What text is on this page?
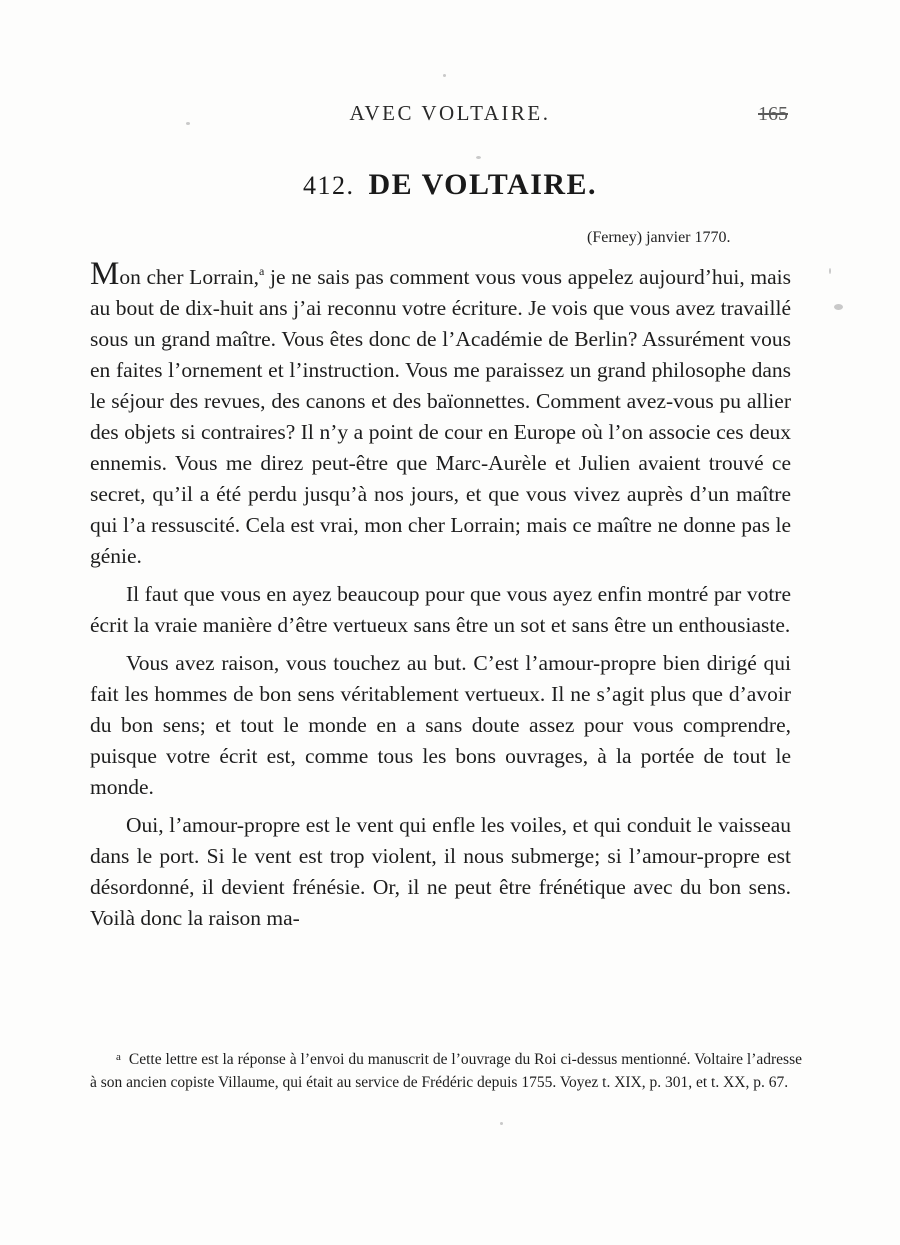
AVEC VOLTAIRE.	165
412. DE VOLTAIRE.
(Ferney) janvier 1770.

Mon cher Lorrain,$^a$ je ne sais pas comment vous vous appelez aujourd’hui, mais au bout de dix-huit ans j’ai reconnu votre écriture. Je vois que vous avez travaillé sous un grand maître. Vous êtes donc de l’Académie de Berlin? Assurément vous en faites l’ornement et l’instruction. Vous me paraissez un grand philosophe dans le séjour des revues, des canons et des baïonnettes. Comment avez-vous pu allier des objets si contraires? Il n’y a point de cour en Europe où l’on associe ces deux ennemis. Vous me direz peut-être que Marc-Aurèle et Julien avaient trouvé ce secret, qu’il a été perdu jusqu’à nos jours, et que vous vivez auprès d’un maître qui l’a ressuscité. Cela est vrai, mon cher Lorrain; mais ce maître ne donne pas le génie.

Il faut que vous en ayez beaucoup pour que vous ayez enfin montré par votre écrit la vraie manière d’être vertueux sans être un sot et sans être un enthousiaste.

Vous avez raison, vous touchez au but. C’est l’amour-propre bien dirigé qui fait les hommes de bon sens véritablement vertueux. Il ne s’agit plus que d’avoir du bon sens; et tout le monde en a sans doute assez pour vous comprendre, puisque votre écrit est, comme tous les bons ouvrages, à la portée de tout le monde.

Oui, l’amour-propre est le vent qui enfle les voiles, et qui conduit le vaisseau dans le port. Si le vent est trop violent, il nous submerge; si l’amour-propre est désordonné, il devient frénésie. Or, il ne peut être frénétique avec du bon sens. Voilà donc la raison ma-

$^a$ Cette lettre est la réponse à l’envoi du manuscrit de l’ouvrage du Roi ci-dessus mentionné. Voltaire l’adresse à son ancien copiste Villaume, qui était au service de Frédéric depuis 1755. Voyez t. XIX, p. 301, et t. XX, p. 67.
